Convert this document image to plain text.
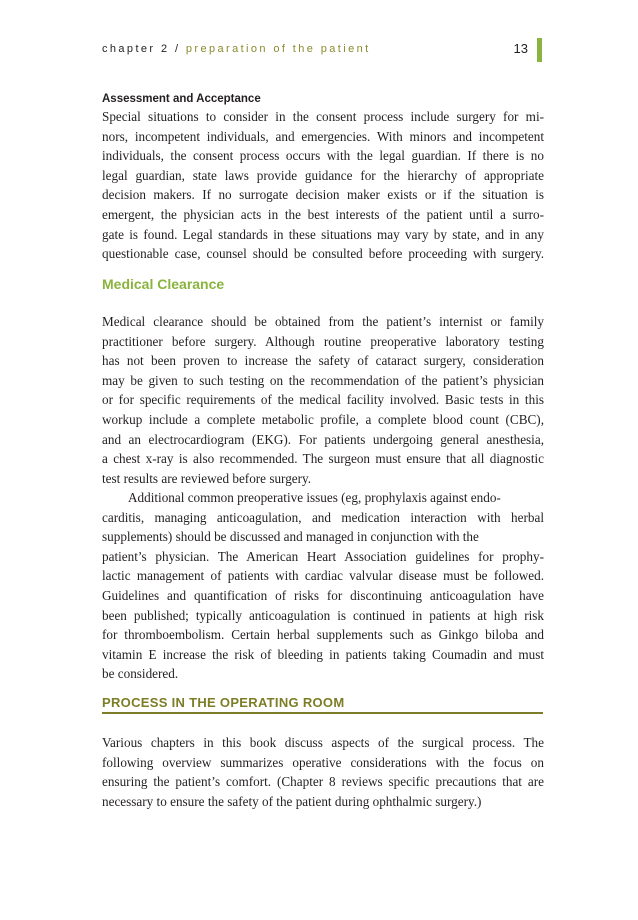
chapter 2 / preparation of the patient	13
Assessment and Acceptance

Special situations to consider in the consent process include surgery for mi-
nors, incompetent individuals, and emergencies. With minors and incompetent
individuals, the consent process occurs with the legal guardian. If there is no
legal guardian, state laws provide guidance for the hierarchy of appropriate
decision makers. If no surrogate decision maker exists or if the situation is
emergent, the physician acts in the best interests of the patient until a surro-
gate is found. Legal standards in these situations may vary by state, and in any
questionable case, counsel should be consulted before proceeding with surgery.

Medical Clearance

Medical clearance should be obtained from the patient’s internist or family
practitioner before surgery. Although routine preoperative laboratory testing
has not been proven to increase the safety of cataract surgery, consideration
may be given to such testing on the recommendation of the patient’s physician
or for specific requirements of the medical facility involved. Basic tests in this
workup include a complete metabolic profile, a complete blood count (CBC),
and an electrocardiogram (EKG). For patients undergoing general anesthesia,
a chest x-ray is also recommended. The surgeon must ensure that all diagnostic
test results are reviewed before surgery.

Additional common preoperative issues (eg, prophylaxis against endo-
carditis, managing anticoagulation, and medication interaction with herbal
supplements) should be discussed and managed in conjunction with the
patient’s physician. The American Heart Association guidelines for prophy-
lactic management of patients with cardiac valvular disease must be followed.
Guidelines and quantification of risks for discontinuing anticoagulation have
been published; typically anticoagulation is continued in patients at high risk
for thromboembolism. Certain herbal supplements such as Ginkgo biloba and
vitamin E increase the risk of bleeding in patients taking Coumadin and must
be considered.

PROCESS IN THE OPERATING ROOM

Various chapters in this book discuss aspects of the surgical process. The
following overview summarizes operative considerations with the focus on
ensuring the patient’s comfort. (Chapter 8 reviews specific precautions that are
necessary to ensure the safety of the patient during ophthalmic surgery.)
